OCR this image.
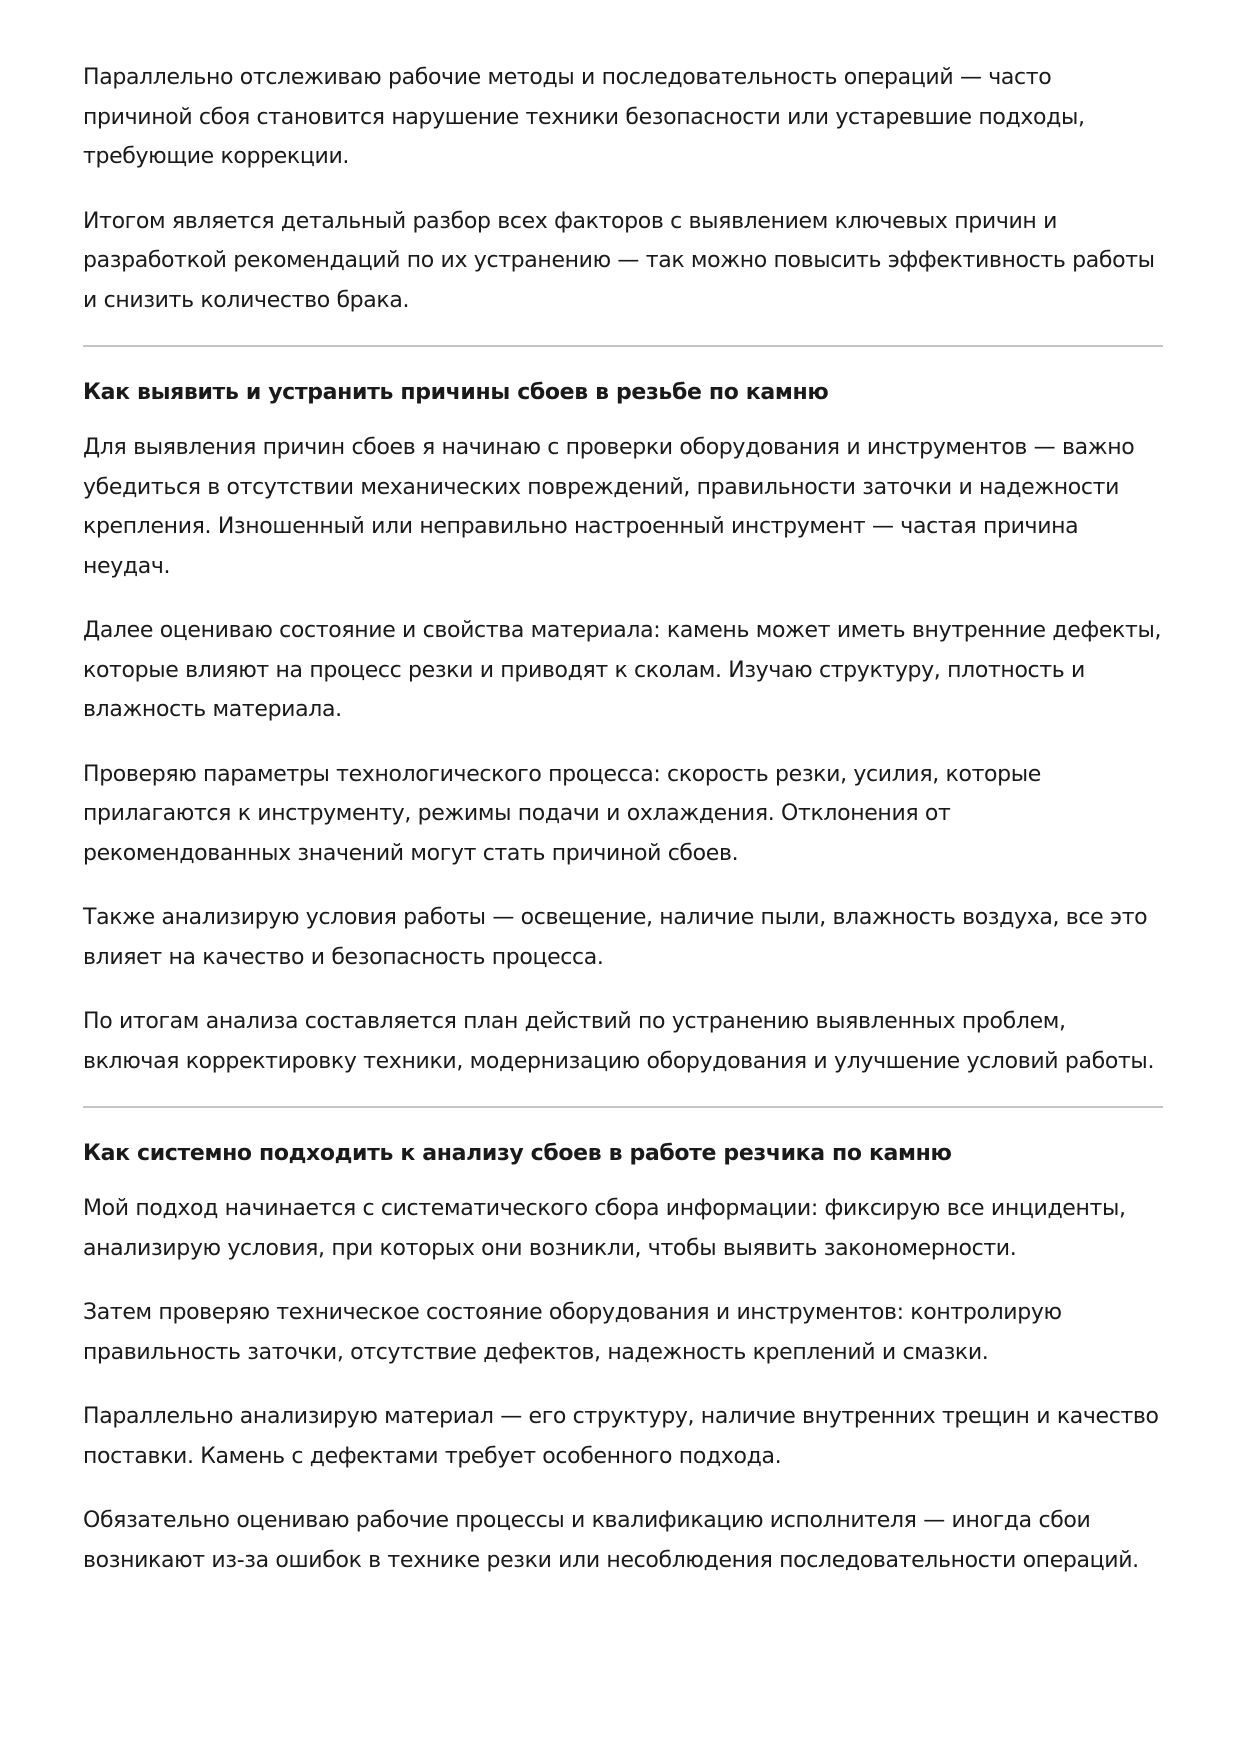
Параллельно отслеживаю рабочие методы и последовательность операций — часто причиной сбоя становится нарушение техники безопасности или устаревшие подходы, требующие коррекции.

Итогом является детальный разбор всех факторов с выявлением ключевых причин и разработкой рекомендаций по их устранению — так можно повысить эффективность работы и снизить количество брака.

Как выявить и устранить причины сбоев в резьбе по камню

Для выявления причин сбоев я начинаю с проверки оборудования и инструментов — важно убедиться в отсутствии механических повреждений, правильности заточки и надежности крепления. Изношенный или неправильно настроенный инструмент — частая причина неудач.

Далее оцениваю состояние и свойства материала: камень может иметь внутренние дефекты, которые влияют на процесс резки и приводят к сколам. Изучаю структуру, плотность и влажность материала.

Проверяю параметры технологического процесса: скорость резки, усилия, которые прилагаются к инструменту, режимы подачи и охлаждения. Отклонения от рекомендованных значений могут стать причиной сбоев.

Также анализирую условия работы — освещение, наличие пыли, влажность воздуха, все это влияет на качество и безопасность процесса.

По итогам анализа составляется план действий по устранению выявленных проблем, включая корректировку техники, модернизацию оборудования и улучшение условий работы.

Как системно подходить к анализу сбоев в работе резчика по камню

Мой подход начинается с систематического сбора информации: фиксирую все инциденты, анализирую условия, при которых они возникли, чтобы выявить закономерности.

Затем проверяю техническое состояние оборудования и инструментов: контролирую правильность заточки, отсутствие дефектов, надежность креплений и смазки.

Параллельно анализирую материал — его структуру, наличие внутренних трещин и качество поставки. Камень с дефектами требует особенного подхода.

Обязательно оцениваю рабочие процессы и квалификацию исполнителя — иногда сбои возникают из-за ошибок в технике резки или несоблюдения последовательности операций.
